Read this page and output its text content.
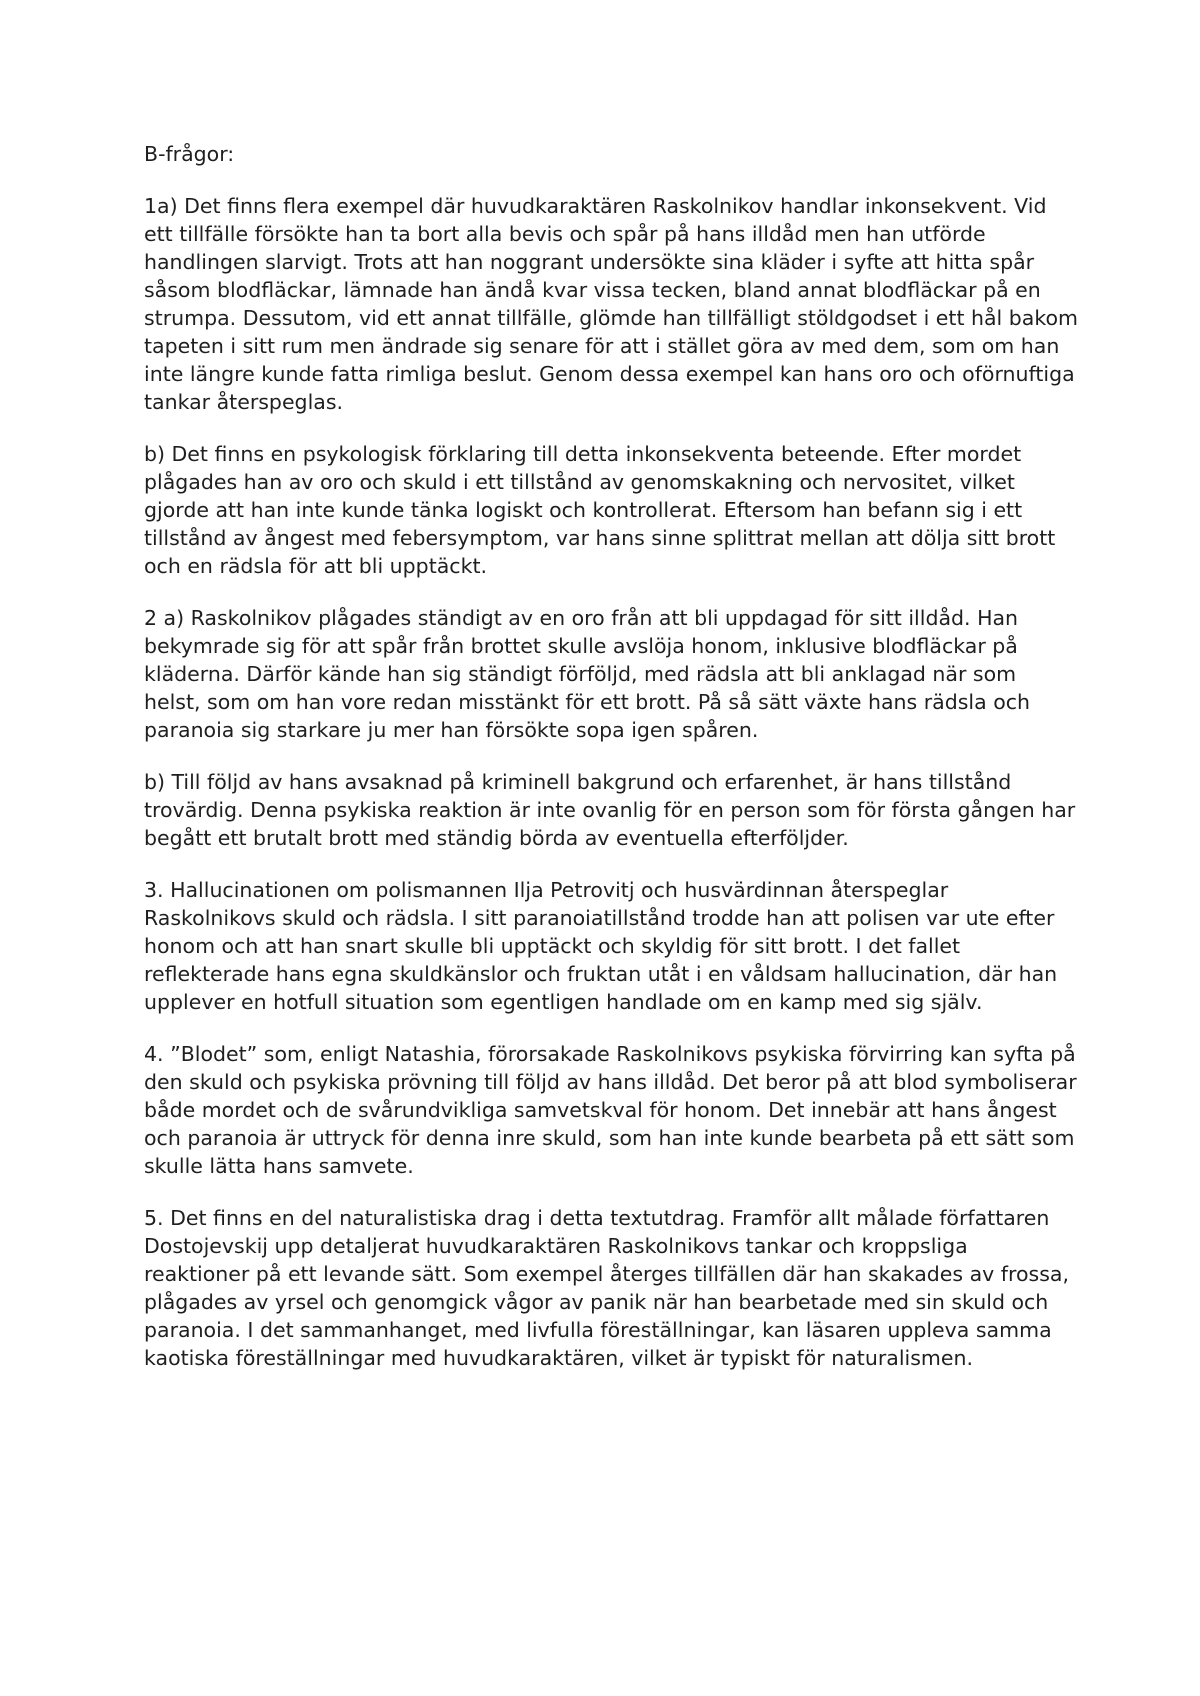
B-frågor:

1a) Det finns flera exempel där huvudkaraktären Raskolnikov handlar inkonsekvent. Vid ett tillfälle försökte han ta bort alla bevis och spår på hans illdåd men han utförde handlingen slarvigt. Trots att han noggrant undersökte sina kläder i syfte att hitta spår såsom blodfläckar, lämnade han ändå kvar vissa tecken, bland annat blodfläckar på en strumpa. Dessutom, vid ett annat tillfälle, glömde han tillfälligt stöldgodset i ett hål bakom tapeten i sitt rum men ändrade sig senare för att i stället göra av med dem, som om han inte längre kunde fatta rimliga beslut. Genom dessa exempel kan hans oro och oförnuftiga tankar återspeglas.

b) Det finns en psykologisk förklaring till detta inkonsekventa beteende. Efter mordet plågades han av oro och skuld i ett tillstånd av genomskakning och nervositet, vilket gjorde att han inte kunde tänka logiskt och kontrollerat. Eftersom han befann sig i ett tillstånd av ångest med febersymptom, var hans sinne splittrat mellan att dölja sitt brott och en rädsla för att bli upptäckt.

2 a) Raskolnikov plågades ständigt av en oro från att bli uppdagad för sitt illdåd. Han bekymrade sig för att spår från brottet skulle avslöja honom, inklusive blodfläckar på kläderna. Därför kände han sig ständigt förföljd, med rädsla att bli anklagad när som helst, som om han vore redan misstänkt för ett brott. På så sätt växte hans rädsla och paranoia sig starkare ju mer han försökte sopa igen spåren.

b) Till följd av hans avsaknad på kriminell bakgrund och erfarenhet, är hans tillstånd trovärdig. Denna psykiska reaktion är inte ovanlig för en person som för första gången har begått ett brutalt brott med ständig börda av eventuella efterföljder.

3. Hallucinationen om polismannen Ilja Petrovitj och husvärdinnan återspeglar Raskolnikovs skuld och rädsla. I sitt paranoiatillstånd trodde han att polisen var ute efter honom och att han snart skulle bli upptäckt och skyldig för sitt brott. I det fallet reflekterade hans egna skuldkänslor och fruktan utåt i en våldsam hallucination, där han upplever en hotfull situation som egentligen handlade om en kamp med sig själv.

4. ”Blodet” som, enligt Natashia, förorsakade Raskolnikovs psykiska förvirring kan syfta på den skuld och psykiska prövning till följd av hans illdåd. Det beror på att blod symboliserar både mordet och de svårundvikliga samvetskval för honom. Det innebär att hans ångest och paranoia är uttryck för denna inre skuld, som han inte kunde bearbeta på ett sätt som skulle lätta hans samvete.

5. Det finns en del naturalistiska drag i detta textutdrag. Framför allt målade författaren Dostojevskij upp detaljerat huvudkaraktären Raskolnikovs tankar och kroppsliga reaktioner på ett levande sätt. Som exempel återges tillfällen där han skakades av frossa, plågades av yrsel och genomgick vågor av panik när han bearbetade med sin skuld och paranoia. I det sammanhanget, med livfulla föreställningar, kan läsaren uppleva samma kaotiska föreställningar med huvudkaraktären, vilket är typiskt för naturalismen.
